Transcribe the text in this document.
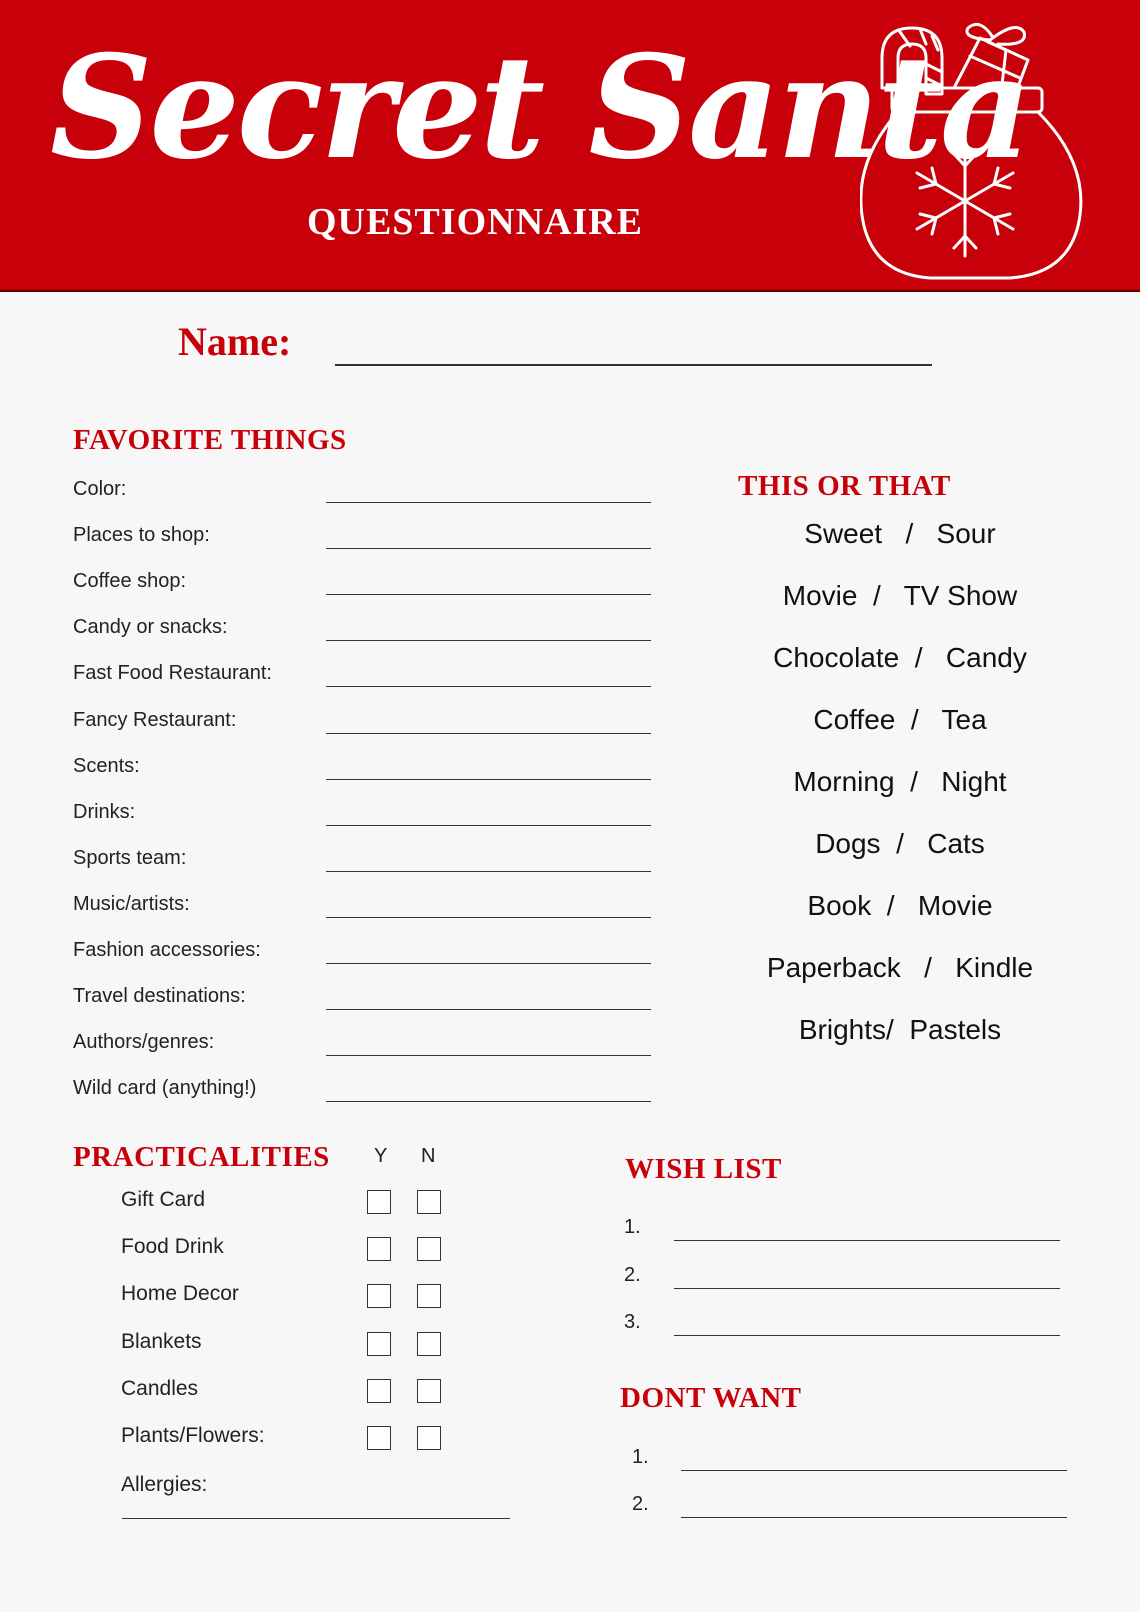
Secret Santa
QUESTIONNAIRE
Name:
FAVORITE THINGS
Color:
Places to shop:
Coffee shop:
Candy or snacks:
Fast Food Restaurant:
Fancy Restaurant:
Scents:
Drinks:
Sports team:
Music/artists:
Fashion accessories:
Travel destinations:
Authors/genres:
Wild card (anything!)
THIS OR THAT
Sweet   /   Sour
Movie  /   TV Show
Chocolate  /   Candy
Coffee  /   Tea
Morning  /   Night
Dogs  /   Cats
Book  /   Movie
Paperback   /   Kindle
Brights/  Pastels
PRACTICALITIES Y N
Gift Card
Food Drink
Home Decor
Blankets
Candles
Plants/Flowers:
Allergies:
WISH LIST
1.
2.
3.
DONT WANT
1.
2.
